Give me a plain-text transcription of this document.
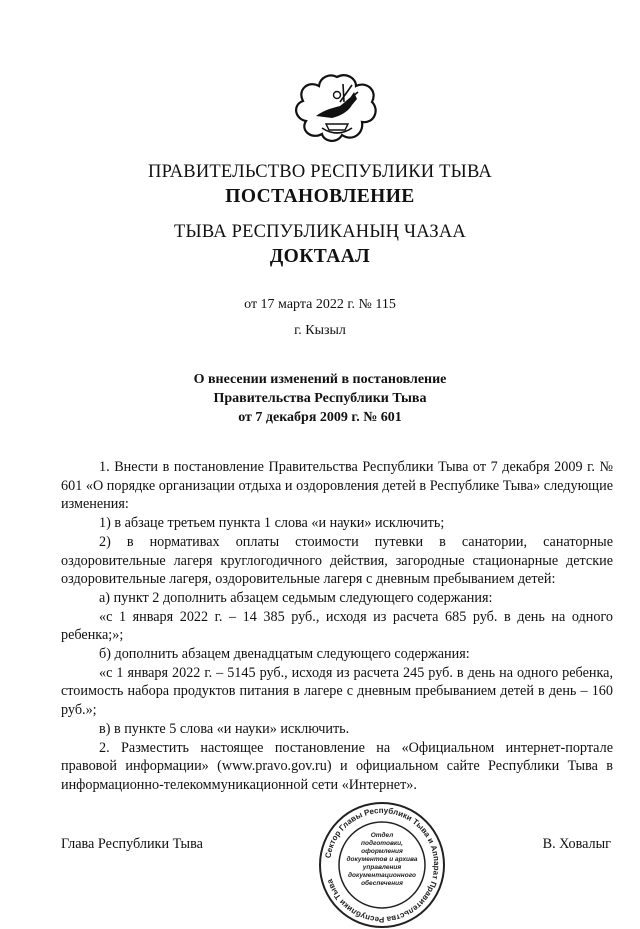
ПРАВИТЕЛЬСТВО РЕСПУБЛИКИ ТЫВА
ПОСТАНОВЛЕНИЕ
ТЫВА РЕСПУБЛИКАНЫҢ ЧАЗАА
ДОКТААЛ
от 17 марта 2022 г. № 115
г. Кызыл
О внесении изменений в постановление
Правительства Республики Тыва
от 7 декабря 2009 г. № 601

1. Внести в постановление Правительства Республики Тыва от 7 декабря 2009 г. № 601 «О порядке организации отдыха и оздоровления детей в Республике Тыва» следующие изменения:

1) в абзаце третьем пункта 1 слова «и науки» исключить;

2) в нормативах оплаты стоимости путевки в санатории, санаторные оздоровительные лагеря круглогодичного действия, загородные стационарные детские оздоровительные лагеря, оздоровительные лагеря с дневным пребыванием детей:

а) пункт 2 дополнить абзацем седьмым следующего содержания:

«с 1 января 2022 г. – 14 385 руб., исходя из расчета 685 руб. в день на одного ребенка;»;

б) дополнить абзацем двенадцатым следующего содержания:

«с 1 января 2022 г. – 5145 руб., исходя из расчета 245 руб. в день на одного ребенка, стоимость набора продуктов питания в лагере с дневным пребыванием детей в день – 160 руб.»;

в) в пункте 5 слова «и науки» исключить.

2. Разместить настоящее постановление на «Официальном интернет-портале правовой информации» (www.pravo.gov.ru) и официальном сайте Республики Тыва в информационно-телекоммуникационной сети «Интернет».

Глава Республики Тыва	В. Ховалыг
Сектор Главы Республики Тыва и Аппарат Правительства Республики Тыва
Отдел
подготовки,
оформления
документов и архива
управления
документационного
обеспечения
